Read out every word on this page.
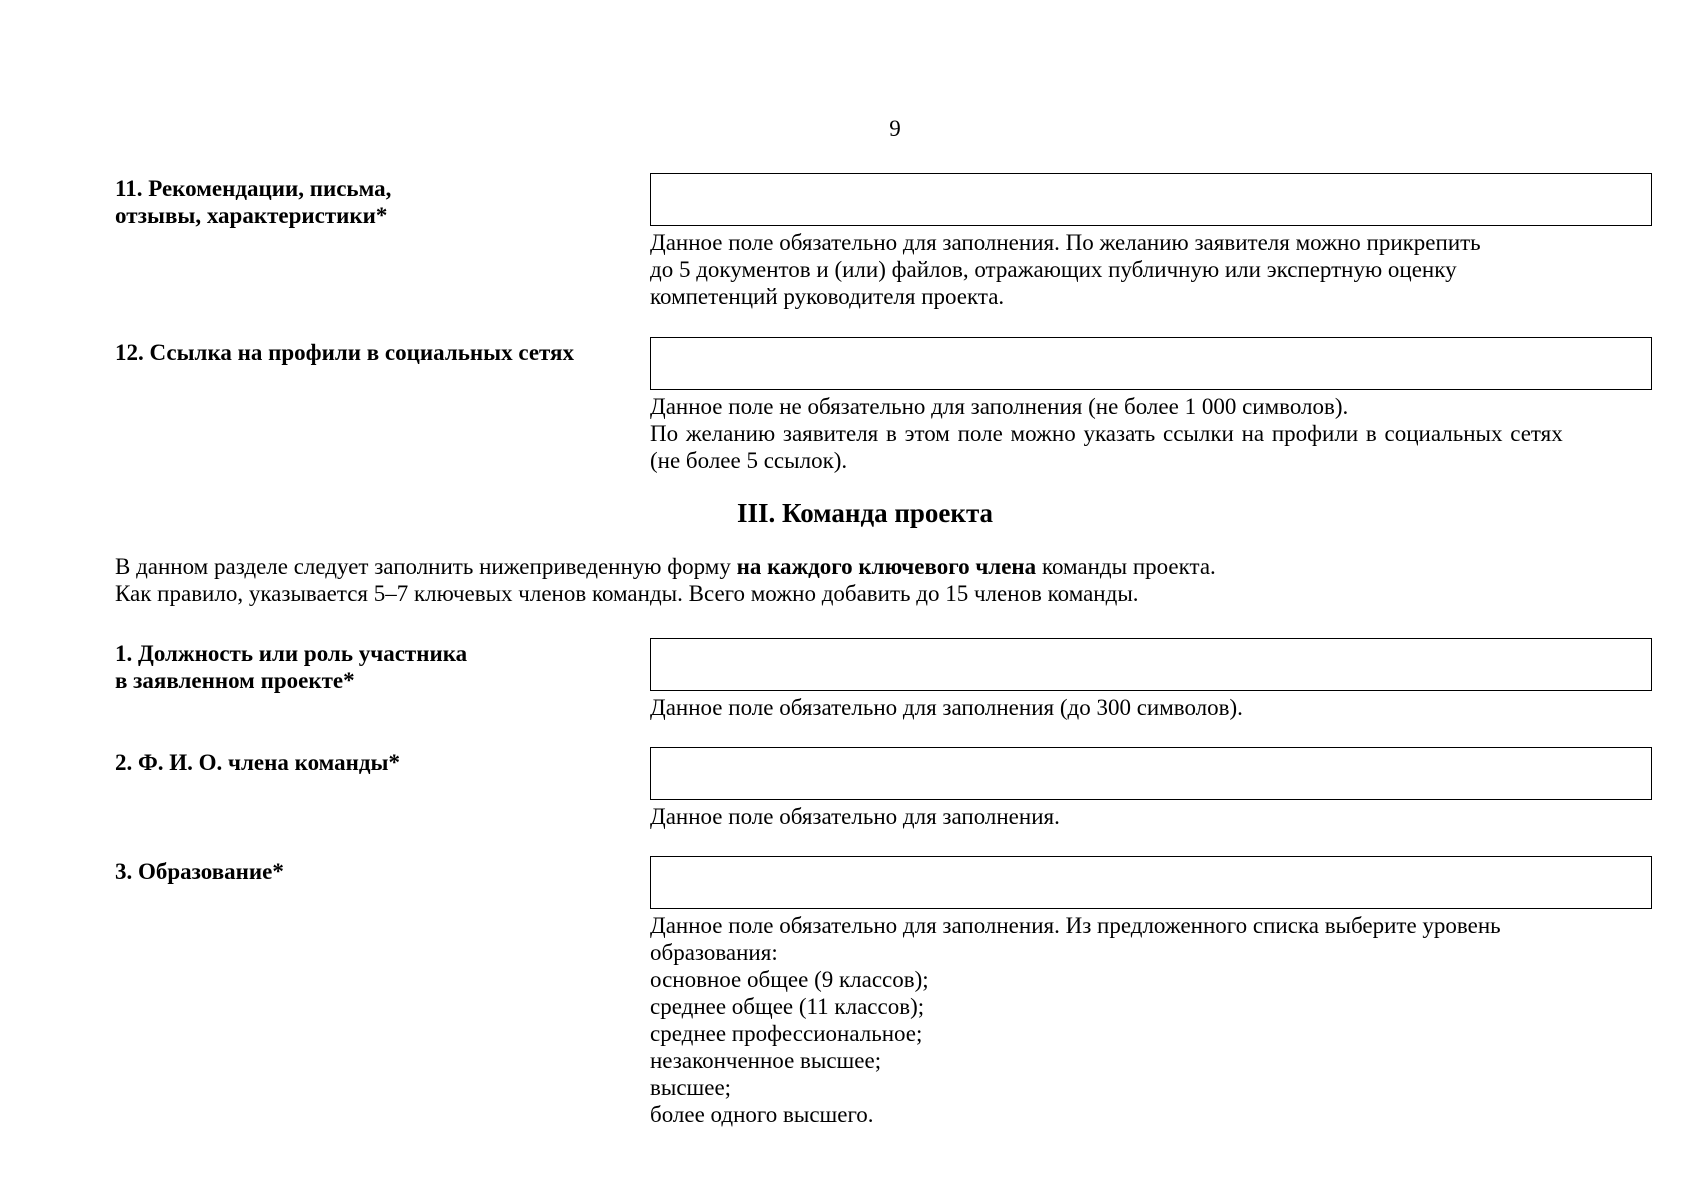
9
11. Рекомендации, письма,
отзывы, характеристики*
Данное поле обязательно для заполнения. По желанию заявителя можно прикрепить
до 5 документов и (или) файлов, отражающих публичную или экспертную оценку
компетенций руководителя проекта.
12. Ссылка на профили в социальных сетях
Данное поле не обязательно для заполнения (не более 1 000 символов).
По желанию заявителя в этом поле можно указать ссылки на профили в социальных сетях
(не более 5 ссылок).
III. Команда проекта
В данном разделе следует заполнить нижеприведенную форму на каждого ключевого члена команды проекта.
Как правило, указывается 5–7 ключевых членов команды. Всего можно добавить до 15 членов команды.
1. Должность или роль участника
в заявленном проекте*
Данное поле обязательно для заполнения (до 300 символов).
2. Ф. И. О. члена команды*
Данное поле обязательно для заполнения.
3. Образование*
Данное поле обязательно для заполнения. Из предложенного списка выберите уровень
образования:
основное общее (9 классов);
среднее общее (11 классов);
среднее профессиональное;
незаконченное высшее;
высшее;
более одного высшего.
